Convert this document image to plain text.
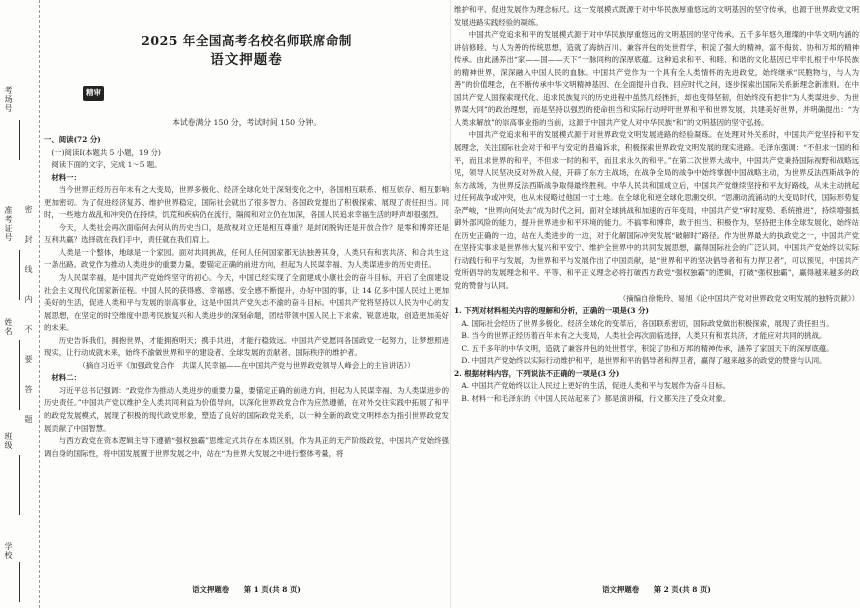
考场号
准考证号
姓名
班级
学校
密
封
线
内
不
要
答
题
2025 年全国高考名校名师联席命制
语文押题卷
精审
本试卷满分 150 分，考试时间 150 分钟。

一、阅读(72 分)

(一)阅读Ⅰ(本题共 5 小题，19 分)

阅读下面的文字，完成 1～5 题。

材料一：

当今世界正经历百年未有之大变局，世界多极化、经济全球化处于深刻变化之中，各国相互联系、相互依存、相互影响更加密切。为了促进经济复苏、维护世界稳定，国际社会就出了很多智力、各国政党提出了积极探索、展现了责任担当。同时，一些地方战乱和冲突仍在持续，饥荒和疾病仍在流行，隔阂和对立仍在加深，各国人民追求幸福生活的呼声却很强烈。

今天，人类社会再次面临何去何从的历史当口，是敌视对立还是相互尊重？是封闭脱钩还是开放合作？是零和博弈还是互利共赢？选择就在我们手中，责任就在我们肩上。

人类是一个整体，地球是一个家园。面对共同挑战，任何人任何国家都无法独善其身，人类只有和衷共济、和合共生这一条出路。政党作为推动人类进步的重要力量，要锚定正确的前进方向，担起为人民谋幸福、为人类谋进步的历史责任。

为人民谋幸福，是中国共产党始终坚守的初心。今天，中国已经实现了全面建成小康社会的奋斗目标，开启了全面建设社会主义现代化国家新征程。中国人民的获得感、幸福感、安全感不断提升，办好中国的事，让 14 亿多中国人民过上更加美好的生活，促进人类和平与发展的崇高事业，这是中国共产党矢志不渝的奋斗目标。中国共产党将坚持以人民为中心的发展思想，在坚定的时空维度中思考民族复兴和人类进步的深刻命题，团结带领中国人民上下求索、锐意进取，创造更加美好的未来。

历史告诉我们，拥抱世界，才能拥抱明天；携手共进，才能行稳致远。中国共产党愿同各国政党一起努力，让梦想照进现实，让行动成就未来，始终不渝做世界和平的建设者、全球发展的贡献者、国际秩序的维护者。

（摘自习近平《加强政党合作　共谋人民幸福——在中国共产党与世界政党领导人峰会上的主旨讲话》）

材料二：

习近平总书记强调：“政党作为推动人类进步的重要力量，要锚定正确的前进方向，担起为人民谋幸福、为人类谋进步的历史责任。”中国共产党以维护全人类共同利益为价值导向，以深化世界政党合作为应然遵循，在对外交往实践中拓展了和平的政党发展模式，展现了积极的现代政党形象，塑造了良好的国际政党关系，以一种全新的政党文明样态为指引世界政党发展贡献了中国智慧。

与西方政党在资本逻辑主导下遵循“强权独霸”思维定式共存在本质区别，作为具正的无产阶级政党，中国共产党始终强调自身的国际性，将中国发展置于世界发展之中，站在“为世界大发展之中进行整体考量，将

语文押题卷 第 1 页(共 8 页)

维护和平、促进发展作为理念标尺。这一发展模式既源于对中华民族厚重悠远的文明基因的坚守传承，也源于世界政党文明发展进路实践经验的凝练。

中国共产党追求和平的发展模式源于对中华民族厚重悠远的文明基因的坚守传承。五千多年悠久璀璨的中华文明内涵的讲信修睦、与人为善的传统思想，造就了海纳百川、兼容并包的处世哲学，积淀了强大的精神，富不侮贫、协和万邦的精神传承。由此涵养出“家——国——天下”一脉同构的深厚底蕴。这种追求和平、和睦、和谐的文化基因已牢牢扎根于中华民族的精神世界，深深融入中国人民的血脉。中国共产党作为一个具有全人类情怀的先进政党，始终继承“民胞物与，与人为善”的价值理念，在不断传承中华文明精神基因、在全面提升自我、回应时代之问，逐步探索出国际关系新理念新准则。在中国共产党人国探索现代化、追求民族复兴的历史进程中虽然几经挫折，却也变得坚韧，但始终没有把非“为人类谋进步、为世界谋大同”的政治理想，而是坚持以强烈的使命担当和实际行动呼吁世界和平和世界发展，共建美好世界，并明确提出：“为人类求解放”的崇高事业指的当前，这源于中国共产党人对中华民族“和”的文明基因的坚守弘扬。

中国共产党追求和平的发展模式源于对世界政党文明发展进路的经验凝练。在处理对外关系时，中国共产党坚持和平发展理念，关注国际社会对于和平与安定的普遍诉求，积极探索世界政党文明发展的现实进路。毛泽东强调：“不但求一国的和平，而且求世界的和平，不但求一时的和平，而且求永久的和平。”在第二次世界大战中，中国共产党秉持国际视野和战略远见，领导人民坚决反对外敌入侵，开辟了东方主战场，在战争全局的战争中始终掌握中国战略主动，为世界反法西斯战争的东方战场，为世界反法西斯战争取得最终胜利。中华人民共和国成立后，中国共产党继续坚持和平友好路线，从未主动挑起过任何战争或冲突，也从未侵略过他国一寸土地。在全球化和逆全球化思潮交织、“思潮动流涌动的大变局时代，国际形势复杂严峻，“世界向何处去”成为时代之问。面对全球挑战和加速的百年变局，中国共产党“审时度势、系统推进”，持续增强抵御外部风险的能力，提升世界进步和平环境的能力。不搞零和博弈，敢于担当、积极作为，坚持把主体全球发展化，始终站在历史正确的一边，站在人类进步的一边，对于化解国际冲突发展“破解时”路径。作为世界最大的执政党之一，中国共产党在坚持实事求是世界伟大复兴和平安宁、维护全世界中的共同发展思想，赢得国际社会的广泛认同。中国共产党始终以实际行动践行和平与发展，为世界和平与发展作出了中国贡献，是“世界和平的坚决倡导者和有力捍卫者”，可以预见，中国共产党所倡导的发展理念和平、平等、和平正义理念必将打破西方政党“强权独霸”的逻辑，打破“强权独霸”，赢得越来越多的政党的赞誉与认同。

（摘编自徐艳玲、易旭《论中国共产党对世界政党文明发展的独特贡献》）

1. 下列对材料相关内容的理解和分析，正确的一项是(3 分)

A. 国际社会经历了世界多极化、经济全球化的变革后，各国联系密切，国际政党做出积极探索，展现了责任担当。

B. 当今的世界正经历着百年未有之大变局，人类社会再次面临选择，人类只有和衷共济，才能应对共同的挑战。

C. 五千多年的中华文明，造就了兼容并包的处世哲学，积淀了协和万邦的精神传承，涵养了家国天下的深厚底蕴。

D. 中国共产党始终以实际行动维护和平，是世界和平的倡导者和捍卫者，赢得了越来越多的政党的赞誉与认同。

2. 根据材料内容，下列说法不正确的一项是(3 分)

A. 中国共产党始终以让人民过上更好的生活，促进人类和平与发展作为奋斗目标。

B. 材料一和毛泽东的《中国人民站起来了》都是演讲稿，行文都关注了受众对象。

语文押题卷 第 2 页(共 8 页)
